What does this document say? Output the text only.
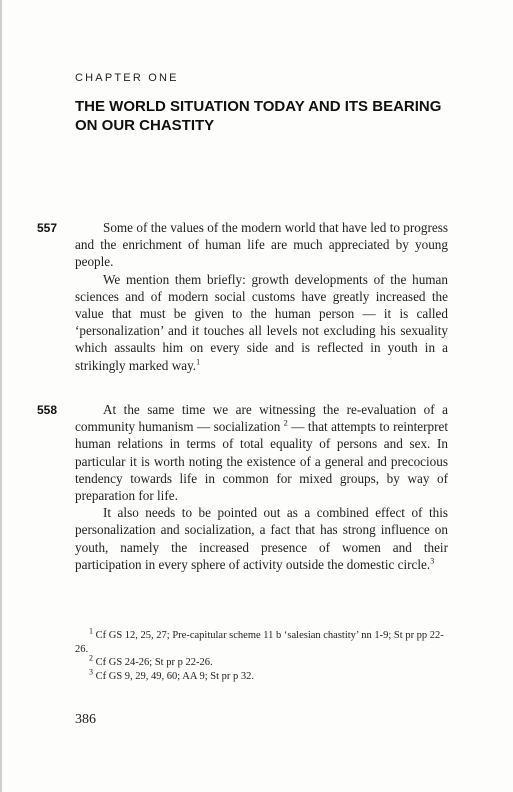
CHAPTER ONE
THE WORLD SITUATION TODAY AND ITS BEARING ON OUR CHASTITY
557	Some of the values of the modern world that have led to progress and the enrichment of human life are much appreciated by young people.

We mention them briefly: growth developments of the human sciences and of modern social customs have greatly increased the value that must be given to the human person — it is called ‘personalization’ and it touches all levels not excluding his sexuality which assaults him on every side and is reflected in youth in a strikingly marked way.$^1$

558	At the same time we are witnessing the re-evaluation of a community humanism — socialization $^2$ — that attempts to reinterpret human relations in terms of total equality of persons and sex. In particular it is worth noting the existence of a general and precocious tendency towards life in common for mixed groups, by way of preparation for life.

It also needs to be pointed out as a combined effect of this personalization and socialization, a fact that has strong influence on youth, namely the increased presence of women and their participation in every sphere of activity outside the domestic circle.$^3$

$^1$ Cf GS 12, 25, 27; Pre-capitular scheme 11 b ‘salesian chastity’ nn 1-9; St pr pp 22-26.
$^2$ Cf GS 24-26; St pr p 22-26.
$^3$ Cf GS 9, 29, 49, 60; AA 9; St pr p 32.
386
